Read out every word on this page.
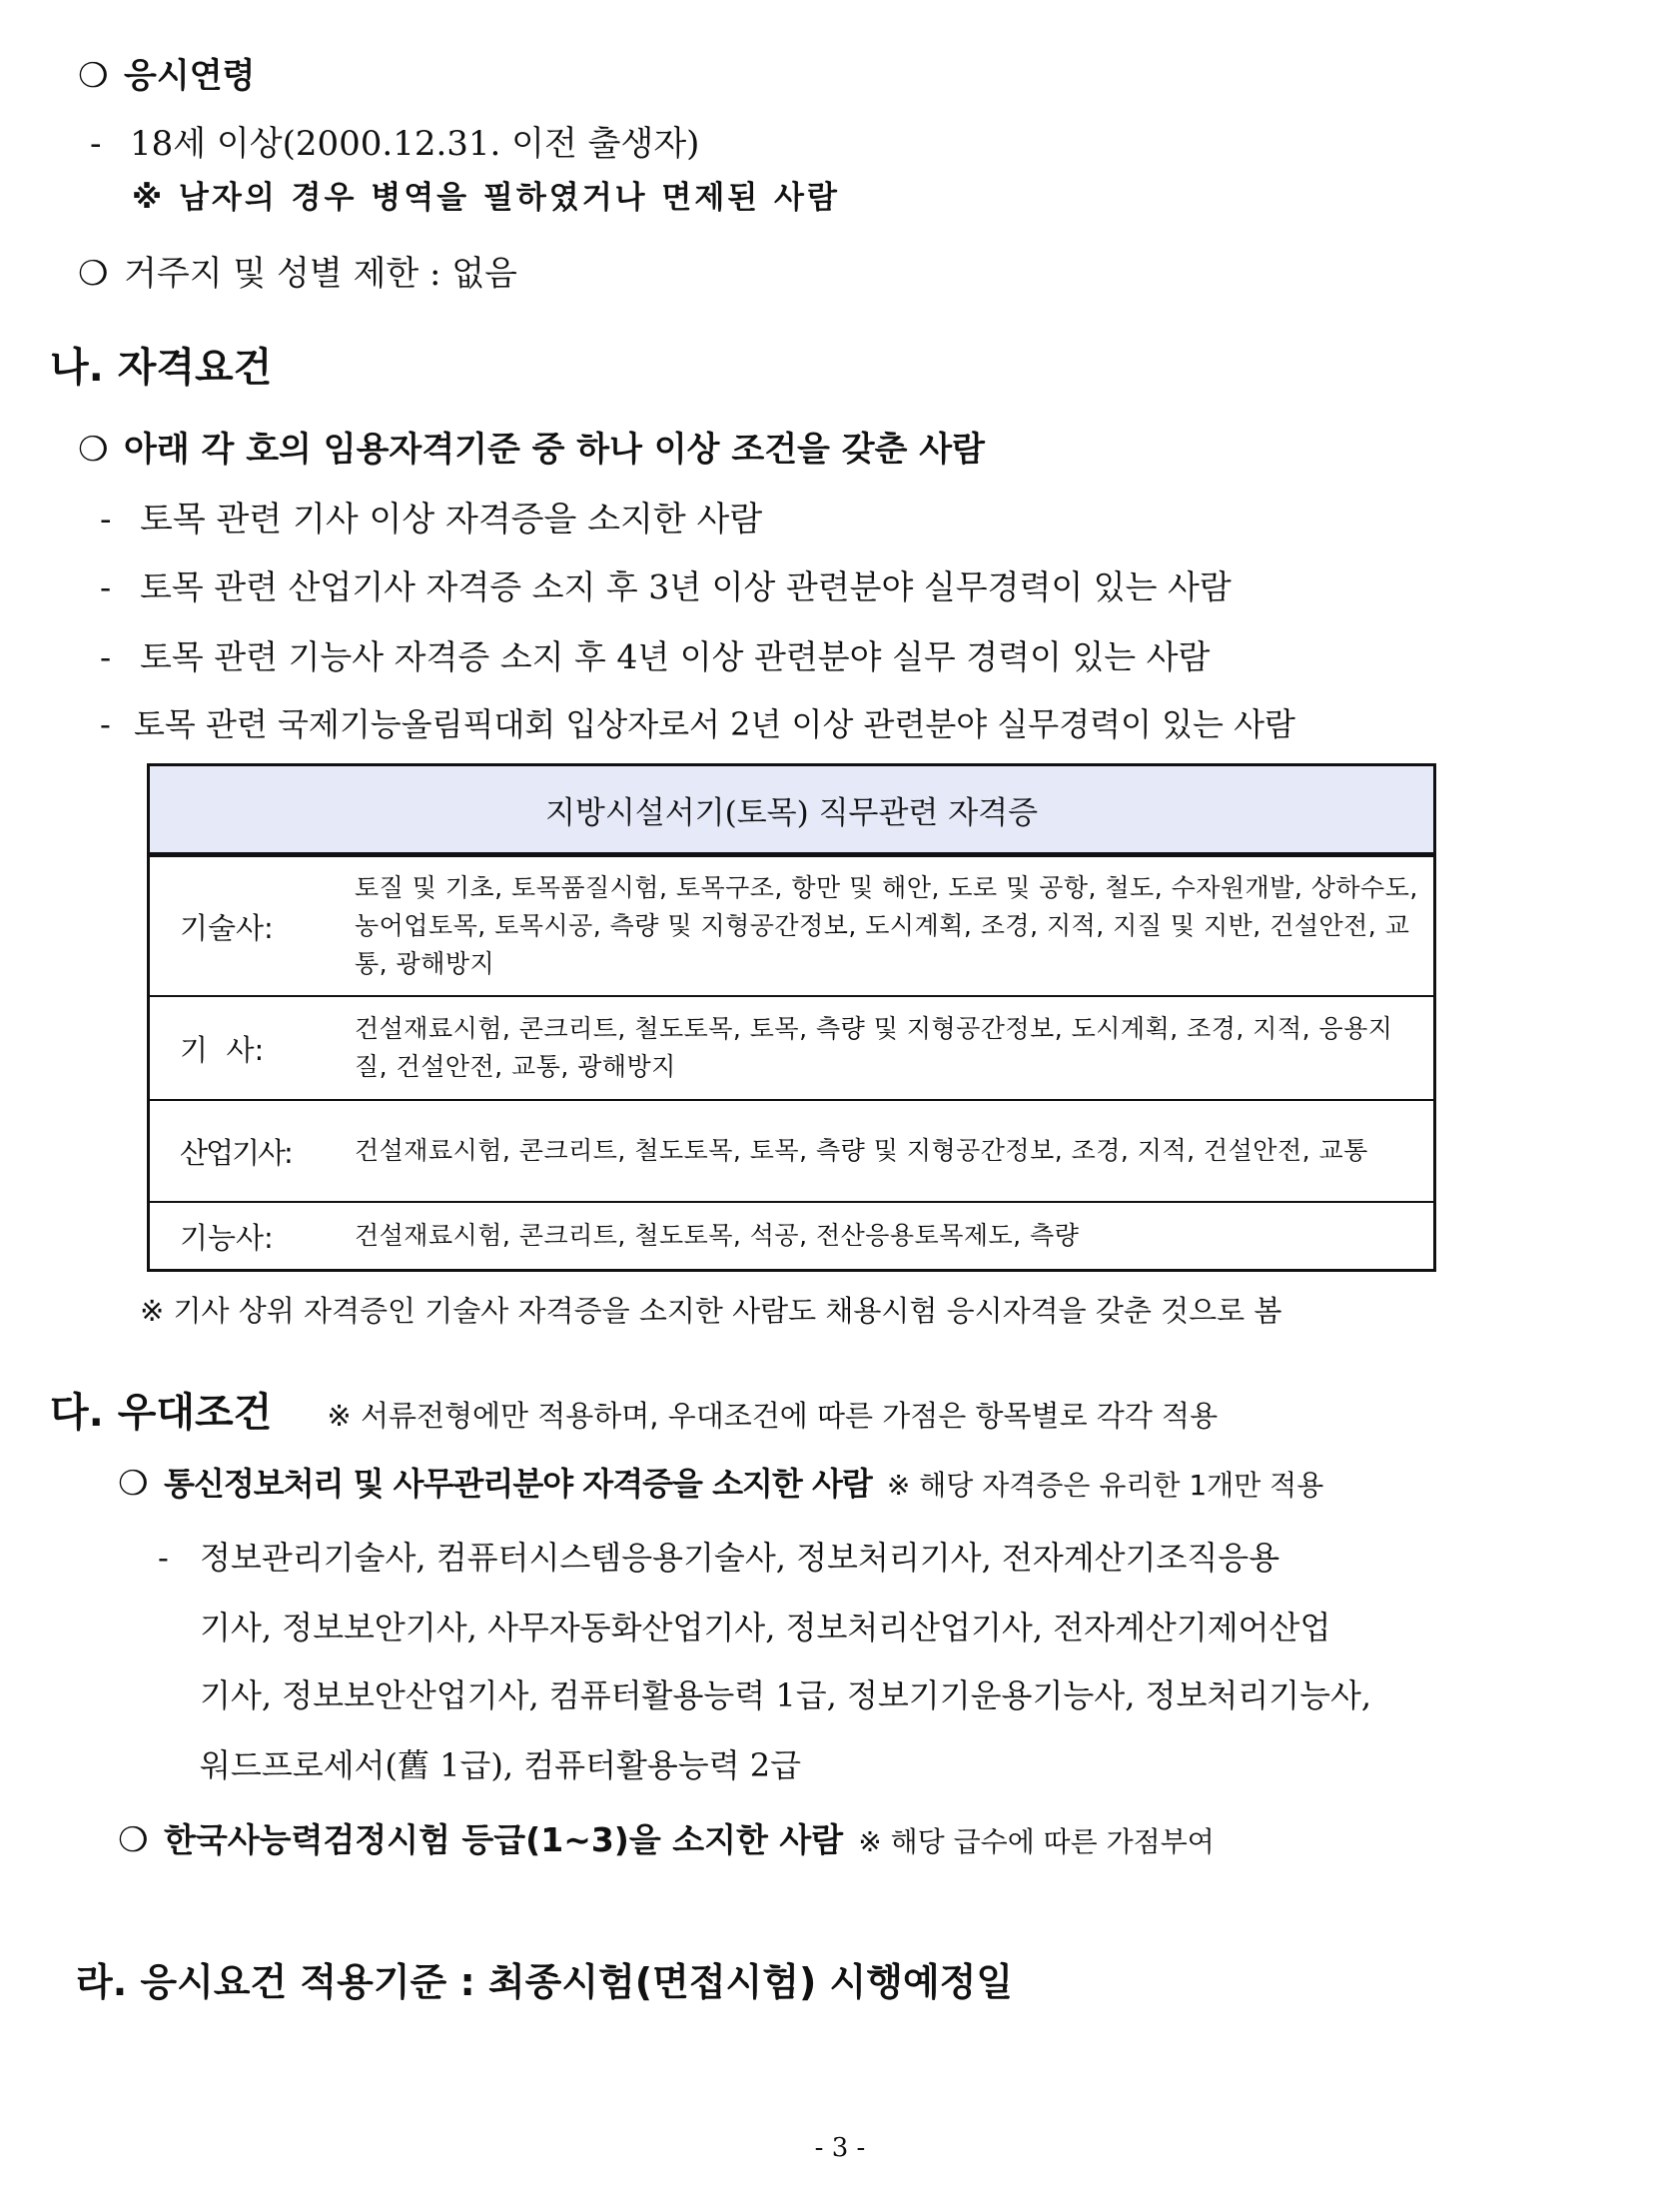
❍ 응시연령
- 18세 이상(2000.12.31. 이전 출생자)
※ 남자의 경우 병역을 필하였거나 면제된 사람
❍ 거주지 및 성별 제한 : 없음
나. 자격요건
❍ 아래 각 호의 임용자격기준 중 하나 이상 조건을 갖춘 사람
- 토목 관련 기사 이상 자격증을 소지한 사람
- 토목 관련 산업기사 자격증 소지 후 3년 이상 관련분야 실무경력이 있는 사람
- 토목 관련 기능사 자격증 소지 후 4년 이상 관련분야 실무 경력이 있는 사람
- 토목 관련 국제기능올림픽대회 입상자로서 2년 이상 관련분야 실무경력이 있는 사람
지방시설서기(토목) 직무관련 자격증
기술사:
토질 및 기초, 토목품질시험, 토목구조, 항만 및 해안, 도로 및 공항, 철도, 수자원개발, 상하수도, 농어업토목, 토목시공, 측량 및 지형공간정보, 도시계획, 조경, 지적, 지질 및 지반, 건설안전, 교통, 광해방지
기  사:
건설재료시험, 콘크리트, 철도토목, 토목, 측량 및 지형공간정보, 도시계획, 조경, 지적, 응용지질, 건설안전, 교통, 광해방지
산업기사:	건설재료시험, 콘크리트, 철도토목, 토목, 측량 및 지형공간정보, 조경, 지적, 건설안전, 교통
기능사:	건설재료시험, 콘크리트, 철도토목, 석공, 전산응용토목제도, 측량
※ 기사 상위 자격증인 기술사 자격증을 소지한 사람도 채용시험 응시자격을 갖춘 것으로 봄
다. 우대조건 ※ 서류전형에만 적용하며, 우대조건에 따른 가점은 항목별로 각각 적용
❍ 통신정보처리 및 사무관리분야 자격증을 소지한 사람 ※ 해당 자격증은 유리한 1개만 적용
- 정보관리기술사, 컴퓨터시스템응용기술사, 정보처리기사, 전자계산기조직응용
기사, 정보보안기사, 사무자동화산업기사, 정보처리산업기사, 전자계산기제어산업
기사, 정보보안산업기사, 컴퓨터활용능력 1급, 정보기기운용기능사, 정보처리기능사,
워드프로세서(舊 1급), 컴퓨터활용능력 2급
❍ 한국사능력검정시험 등급(1∼3)을 소지한 사람 ※ 해당 급수에 따른 가점부여
라. 응시요건 적용기준 : 최종시험(면접시험) 시행예정일
- 3 -
